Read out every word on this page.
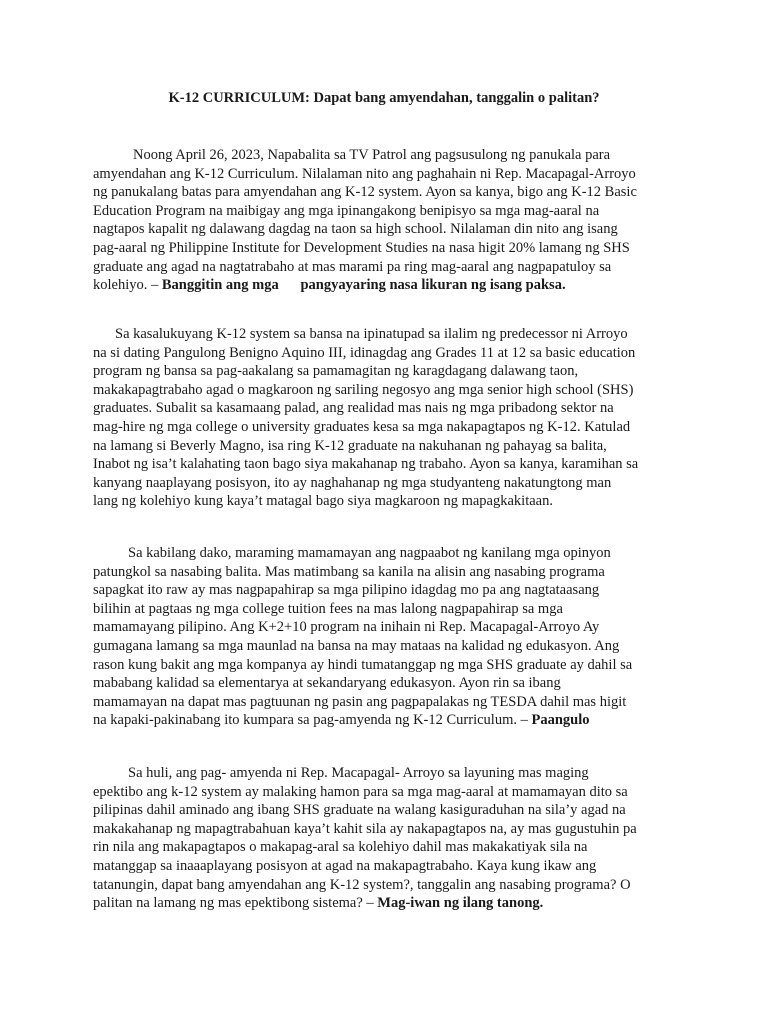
K-12 CURRICULUM: Dapat bang amyendahan, tanggalin o palitan?

Noong April 26, 2023, Napabalita sa TV Patrol ang pagsusulong ng panukala para
amyendahan ang K-12 Curriculum. Nilalaman nito ang paghahain ni Rep. Macapagal-Arroyo
ng panukalang batas para amyendahan ang K-12 system. Ayon sa kanya, bigo ang K-12 Basic
Education Program na maibigay ang mga ipinangakong benipisyo sa mga mag-aaral na
nagtapos kapalit ng dalawang dagdag na taon sa high school. Nilalaman din nito ang isang
pag-aaral ng Philippine Institute for Development Studies na nasa higit 20% lamang ng SHS
graduate ang agad na nagtatrabaho at mas marami pa ring mag-aaral ang nagpapatuloy sa
kolehiyo. – Banggitin ang mga      pangyayaring nasa likuran ng isang paksa.

Sa kasalukuyang K-12 system sa bansa na ipinatupad sa ilalim ng predecessor ni Arroyo
na si dating Pangulong Benigno Aquino III, idinagdag ang Grades 11 at 12 sa basic education
program ng bansa sa pag-aakalang sa pamamagitan ng karagdagang dalawang taon,
makakapagtrabaho agad o magkaroon ng sariling negosyo ang mga senior high school (SHS)
graduates. Subalit sa kasamaang palad, ang realidad mas nais ng mga pribadong sektor na
mag-hire ng mga college o university graduates kesa sa mga nakapagtapos ng K-12. Katulad
na lamang si Beverly Magno, isa ring K-12 graduate na nakuhanan ng pahayag sa balita,
Inabot ng isa’t kalahating taon bago siya makahanap ng trabaho. Ayon sa kanya, karamihan sa
kanyang naaplayang posisyon, ito ay naghahanap ng mga studyanteng nakatungtong man
lang ng kolehiyo kung kaya’t matagal bago siya magkaroon ng mapagkakitaan.

Sa kabilang dako, maraming mamamayan ang nagpaabot ng kanilang mga opinyon
patungkol sa nasabing balita. Mas matimbang sa kanila na alisin ang nasabing programa
sapagkat ito raw ay mas nagpapahirap sa mga pilipino idagdag mo pa ang nagtataasang
bilihin at pagtaas ng mga college tuition fees na mas lalong nagpapahirap sa mga
mamamayang pilipino. Ang K+2+10 program na inihain ni Rep. Macapagal-Arroyo Ay
gumagana lamang sa mga maunlad na bansa na may mataas na kalidad ng edukasyon. Ang
rason kung bakit ang mga kompanya ay hindi tumatanggap ng mga SHS graduate ay dahil sa
mababang kalidad sa elementarya at sekandaryang edukasyon. Ayon rin sa ibang
mamamayan na dapat mas pagtuunan ng pasin ang pagpapalakas ng TESDA dahil mas higit
na kapaki-pakinabang ito kumpara sa pag-amyenda ng K-12 Curriculum. – Paangulo

Sa huli, ang pag- amyenda ni Rep. Macapagal- Arroyo sa layuning mas maging
epektibo ang k-12 system ay malaking hamon para sa mga mag-aaral at mamamayan dito sa
pilipinas dahil aminado ang ibang SHS graduate na walang kasiguraduhan na sila’y agad na
makakahanap ng mapagtrabahuan kaya’t kahit sila ay nakapagtapos na, ay mas gugustuhin pa
rin nila ang makapagtapos o makapag-aral sa kolehiyo dahil mas makakatiyak sila na
matanggap sa inaaaplayang posisyon at agad na makapagtrabaho. Kaya kung ikaw ang
tatanungin, dapat bang amyendahan ang K-12 system?, tanggalin ang nasabing programa? O
palitan na lamang ng mas epektibong sistema? – Mag-iwan ng ilang tanong.
